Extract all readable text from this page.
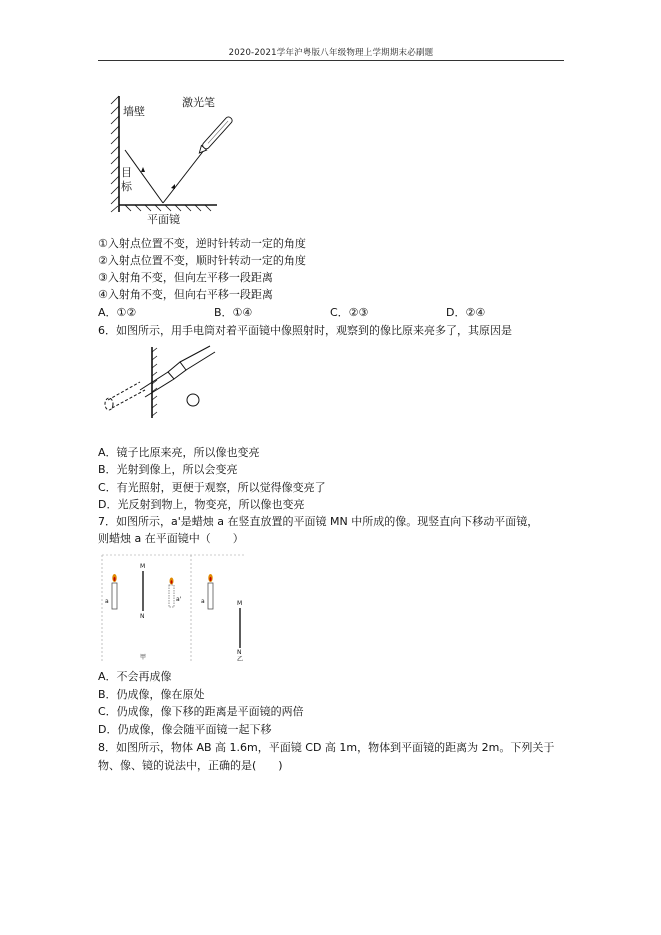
2020-2021学年沪粤版八年级物理上学期期末必刷题
墙壁
激光笔
目
标
平面镜
①入射点位置不变，逆时针转动一定的角度
②入射点位置不变，顺时针转动一定的角度
③入射角不变，但向左平移一段距离
④入射角不变，但向右平移一段距离
A．①②	B．①④	C．②③	D．②④
6．如图所示，用手电筒对着平面镜中像照射时，观察到的像比原来亮多了，其原因是
A．镜子比原来亮，所以像也变亮
B．光射到像上，所以会变亮
C．有光照射，更便于观察，所以觉得像变亮了
D．光反射到物上，物变亮，所以像也变亮
7．如图所示，a'是蜡烛 a 在竖直放置的平面镜 MN 中所成的像。现竖直向下移动平面镜，
则蜡烛 a 在平面镜中（　　）
a
M
N
a'
甲
a	M
N
乙
A．不会再成像
B．仍成像，像在原处
C．仍成像，像下移的距离是平面镜的两倍
D．仍成像，像会随平面镜一起下移
8．如图所示，物体 AB 高 1.6m，平面镜 CD 高 1m，物体到平面镜的距离为 2m。下列关于
物、像、镜的说法中，正确的是(　　)
